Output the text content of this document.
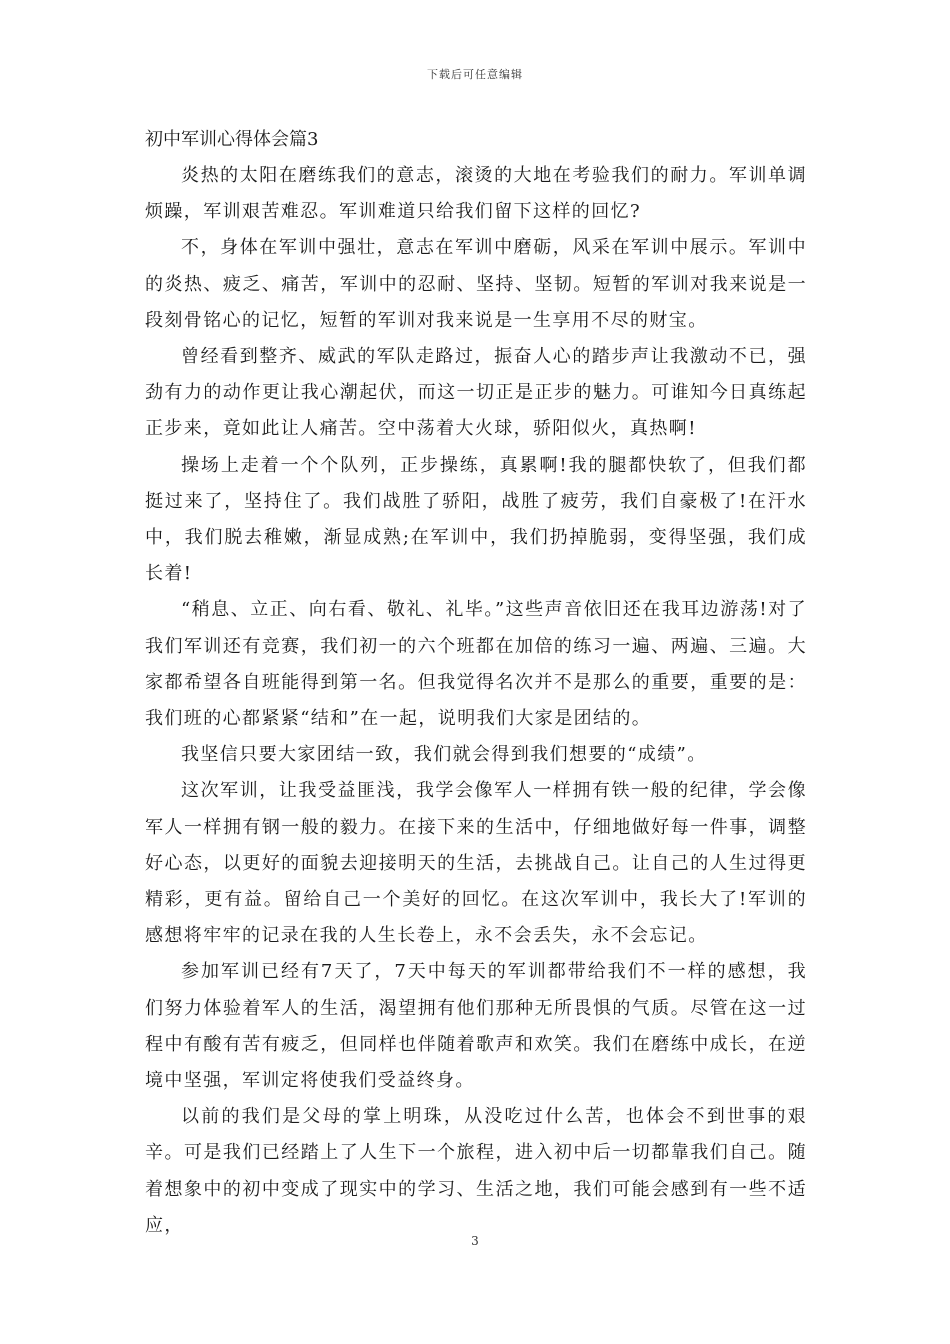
下载后可任意编辑
初中军训心得体会篇3

炎热的太阳在磨练我们的意志，滚烫的大地在考验我们的耐力。军训单调烦躁，军训艰苦难忍。军训难道只给我们留下这样的回忆?

不，身体在军训中强壮，意志在军训中磨砺，风采在军训中展示。军训中的炎热、疲乏、痛苦，军训中的忍耐、坚持、坚韧。短暂的军训对我来说是一段刻骨铭心的记忆，短暂的军训对我来说是一生享用不尽的财宝。

曾经看到整齐、威武的军队走路过，振奋人心的踏步声让我激动不已，强劲有力的动作更让我心潮起伏，而这一切正是正步的魅力。可谁知今日真练起正步来，竟如此让人痛苦。空中荡着大火球，骄阳似火，真热啊!

操场上走着一个个队列，正步操练，真累啊!我的腿都快软了，但我们都挺过来了，坚持住了。我们战胜了骄阳，战胜了疲劳，我们自豪极了!在汗水中，我们脱去稚嫩，渐显成熟;在军训中，我们扔掉脆弱，变得坚强，我们成长着!

“稍息、立正、向右看、敬礼、礼毕。”这些声音依旧还在我耳边游荡!对了我们军训还有竞赛，我们初一的六个班都在加倍的练习一遍、两遍、三遍。大家都希望各自班能得到第一名。但我觉得名次并不是那么的重要，重要的是：我们班的心都紧紧“结和”在一起，说明我们大家是团结的。

我坚信只要大家团结一致，我们就会得到我们想要的“成绩”。

这次军训，让我受益匪浅，我学会像军人一样拥有铁一般的纪律，学会像军人一样拥有钢一般的毅力。在接下来的生活中，仔细地做好每一件事，调整好心态，以更好的面貌去迎接明天的生活，去挑战自己。让自己的人生过得更精彩，更有益。留给自己一个美好的回忆。在这次军训中，我长大了!军训的感想将牢牢的记录在我的人生长卷上，永不会丢失，永不会忘记。

参加军训已经有7天了，7天中每天的军训都带给我们不一样的感想，我们努力体验着军人的生活，渴望拥有他们那种无所畏惧的气质。尽管在这一过程中有酸有苦有疲乏，但同样也伴随着歌声和欢笑。我们在磨练中成长，在逆境中坚强，军训定将使我们受益终身。

以前的我们是父母的掌上明珠，从没吃过什么苦，也体会不到世事的艰辛。可是我们已经踏上了人生下一个旅程，进入初中后一切都靠我们自己。随着想象中的初中变成了现实中的学习、生活之地，我们可能会感到有一些不适应，

3
